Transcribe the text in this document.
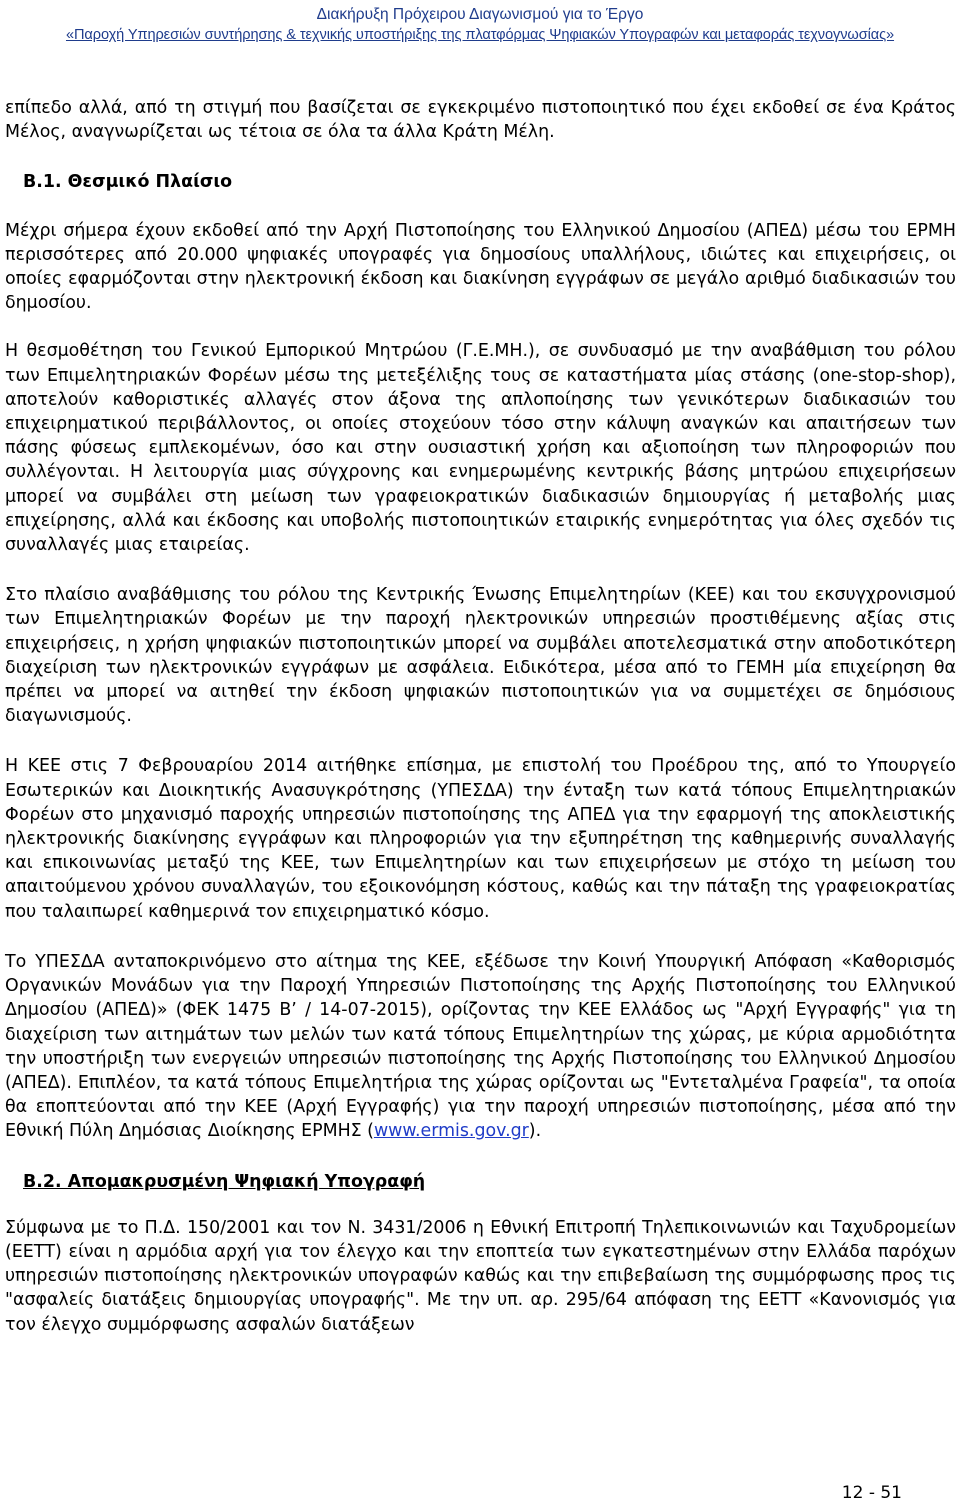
Διακήρυξη Πρόχειρου Διαγωνισμού για το Έργο
«Παροχή Υπηρεσιών συντήρησης & τεχνικής υποστήριξης της πλατφόρμας Ψηφιακών Υπογραφών και μεταφοράς τεχνογνωσίας»

επίπεδο αλλά, από τη στιγμή που βασίζεται σε εγκεκριμένο πιστοποιητικό που έχει εκδοθεί σε ένα Κράτος Μέλος, αναγνωρίζεται ως τέτοια σε όλα τα άλλα Κράτη Μέλη.

Β.1. Θεσμικό Πλαίσιο

Μέχρι σήμερα έχουν εκδοθεί από την Αρχή Πιστοποίησης του Ελληνικού Δημοσίου (ΑΠΕΔ) μέσω του ΕΡΜΗ περισσότερες από 20.000 ψηφιακές υπογραφές για δημοσίους υπαλλήλους, ιδιώτες και επιχειρήσεις, οι οποίες εφαρμόζονται στην ηλεκτρονική έκδοση και διακίνηση εγγράφων σε μεγάλο αριθμό διαδικασιών του δημοσίου.

Η θεσμοθέτηση του Γενικού Εμπορικού Μητρώου (Γ.Ε.ΜΗ.), σε συνδυασμό με την αναβάθμιση του ρόλου των Επιμελητηριακών Φορέων μέσω της μετεξέλιξης τους σε καταστήματα μίας στάσης (one-stop-shop), αποτελούν καθοριστικές αλλαγές στον άξονα της απλοποίησης των γενικότερων διαδικασιών του επιχειρηματικού περιβάλλοντος, οι οποίες στοχεύουν τόσο στην κάλυψη αναγκών και απαιτήσεων των πάσης φύσεως εμπλεκομένων, όσο και στην ουσιαστική χρήση και αξιοποίηση των πληροφοριών που συλλέγονται. Η λειτουργία μιας σύγχρονης και ενημερωμένης κεντρικής βάσης μητρώου επιχειρήσεων μπορεί να συμβάλει στη μείωση των γραφειοκρατικών διαδικασιών δημιουργίας ή μεταβολής μιας επιχείρησης, αλλά και έκδοσης και υποβολής πιστοποιητικών εταιρικής ενημερότητας για όλες σχεδόν τις συναλλαγές μιας εταιρείας.

Στο πλαίσιο αναβάθμισης του ρόλου της Κεντρικής Ένωσης Επιμελητηρίων (ΚΕΕ) και του εκσυγχρονισμού των Επιμελητηριακών Φορέων με την παροχή ηλεκτρονικών υπηρεσιών προστιθέμενης αξίας στις επιχειρήσεις, η χρήση ψηφιακών πιστοποιητικών μπορεί να συμβάλει αποτελεσματικά στην αποδοτικότερη διαχείριση των ηλεκτρονικών εγγράφων με ασφάλεια. Ειδικότερα, μέσα από το ΓΕΜΗ μία επιχείρηση θα πρέπει να μπορεί να αιτηθεί την έκδοση ψηφιακών πιστοποιητικών για να συμμετέχει σε δημόσιους διαγωνισμούς.

Η ΚΕΕ στις 7 Φεβρουαρίου 2014 αιτήθηκε επίσημα, με επιστολή του Προέδρου της, από το Υπουργείο Εσωτερικών και Διοικητικής Ανασυγκρότησης (ΥΠΕΣΔΑ) την ένταξη των κατά τόπους Επιμελητηριακών Φορέων στο μηχανισμό παροχής υπηρεσιών πιστοποίησης της ΑΠΕΔ για την εφαρμογή της αποκλειστικής ηλεκτρονικής διακίνησης εγγράφων και πληροφοριών για την εξυπηρέτηση της καθημερινής συναλλαγής και επικοινωνίας μεταξύ της ΚΕΕ, των Επιμελητηρίων και των επιχειρήσεων με στόχο τη μείωση του απαιτούμενου χρόνου συναλλαγών, του εξοικονόμηση κόστους, καθώς και την πάταξη της γραφειοκρατίας που ταλαιπωρεί καθημερινά τον επιχειρηματικό κόσμο.

Το ΥΠΕΣΔΑ ανταποκρινόμενο στο αίτημα της ΚΕΕ, εξέδωσε την Κοινή Υπουργική Απόφαση «Καθορισμός Οργανικών Μονάδων για την Παροχή Υπηρεσιών Πιστοποίησης της Αρχής Πιστοποίησης του Ελληνικού Δημοσίου (ΑΠΕΔ)» (ΦΕΚ 1475 Β’ / 14-07-2015), ορίζοντας την ΚΕΕ Ελλάδος ως "Αρχή Εγγραφής" για τη διαχείριση των αιτημάτων των μελών των κατά τόπους Επιμελητηρίων της χώρας, με κύρια αρμοδιότητα την υποστήριξη των ενεργειών υπηρεσιών πιστοποίησης της Αρχής Πιστοποίησης του Ελληνικού Δημοσίου (ΑΠΕΔ). Επιπλέον, τα κατά τόπους Επιμελητήρια της χώρας ορίζονται ως "Εντεταλμένα Γραφεία", τα οποία θα εποπτεύονται από την ΚΕΕ (Αρχή Εγγραφής) για την παροχή υπηρεσιών πιστοποίησης, μέσα από την Εθνική Πύλη Δημόσιας Διοίκησης ΕΡΜΗΣ (www.ermis.gov.gr).

Β.2. Απομακρυσμένη Ψηφιακή Υπογραφή

Σύμφωνα με το Π.Δ. 150/2001 και τον Ν. 3431/2006 η Εθνική Επιτροπή Τηλεπικοινωνιών και Ταχυδρομείων (ΕΕΤΤ) είναι η αρμόδια αρχή για τον έλεγχο και την εποπτεία των εγκατεστημένων στην Ελλάδα παρόχων υπηρεσιών πιστοποίησης ηλεκτρονικών υπογραφών καθώς και την επιβεβαίωση της συμμόρφωσης προς τις "ασφαλείς διατάξεις δημιουργίας υπογραφής". Με την υπ. αρ. 295/64 απόφαση της ΕΕΤΤ «Κανονισμός για τον έλεγχο συμμόρφωσης ασφαλών διατάξεων

12 - 51
